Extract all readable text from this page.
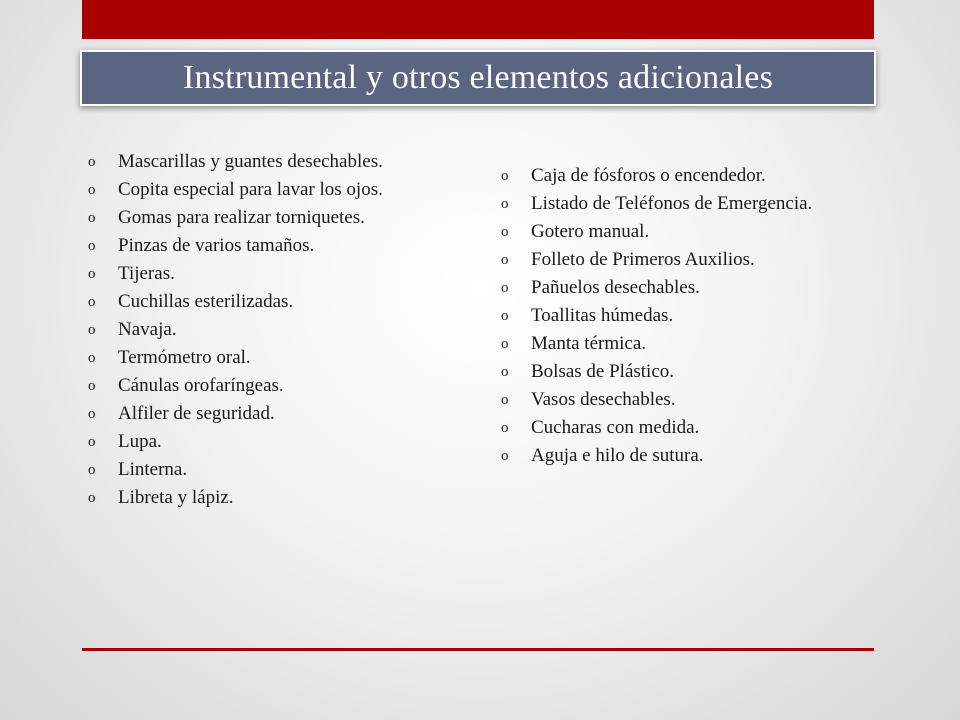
Instrumental y otros elementos adicionales
o Mascarillas y guantes desechables.
o Copita especial para lavar los ojos.
o Gomas para realizar torniquetes.
o Pinzas de varios tamaños.
o Tijeras.
o Cuchillas esterilizadas.
o Navaja.
o Termómetro oral.
o Cánulas orofaríngeas.
o Alfiler de seguridad.
o Lupa.
o Linterna.
o Libreta y lápiz.
o Caja de fósforos o encendedor.
o Listado de Teléfonos de Emergencia.
o Gotero manual.
o Folleto de Primeros Auxilios.
o Pañuelos desechables.
o Toallitas húmedas.
o Manta térmica.
o Bolsas de Plástico.
o Vasos desechables.
o Cucharas con medida.
o Aguja e hilo de sutura.
